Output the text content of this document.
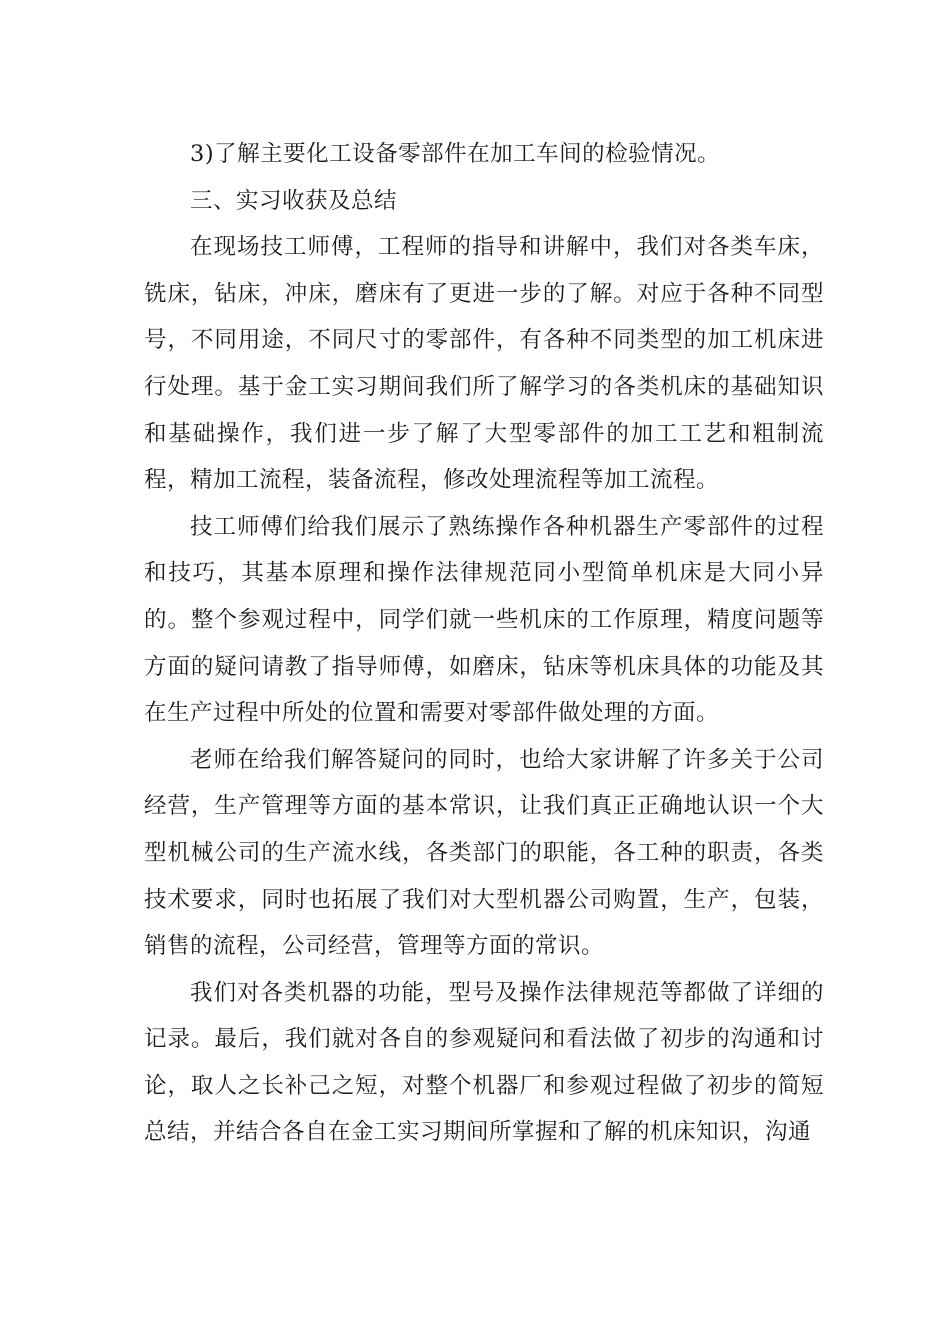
3)了解主要化工设备零部件在加工车间的检验情况。

三、实习收获及总结

在现场技工师傅，工程师的指导和讲解中，我们对各类车床，铣床，钻床，冲床，磨床有了更进一步的了解。对应于各种不同型号，不同用途，不同尺寸的零部件，有各种不同类型的加工机床进行处理。基于金工实习期间我们所了解学习的各类机床的基础知识和基础操作，我们进一步了解了大型零部件的加工工艺和粗制流程，精加工流程，装备流程，修改处理流程等加工流程。

技工师傅们给我们展示了熟练操作各种机器生产零部件的过程和技巧，其基本原理和操作法律规范同小型简单机床是大同小异的。整个参观过程中，同学们就一些机床的工作原理，精度问题等方面的疑问请教了指导师傅，如磨床，钻床等机床具体的功能及其在生产过程中所处的位置和需要对零部件做处理的方面。

老师在给我们解答疑问的同时，也给大家讲解了许多关于公司经营，生产管理等方面的基本常识，让我们真正正确地认识一个大型机械公司的生产流水线，各类部门的职能，各工种的职责，各类技术要求，同时也拓展了我们对大型机器公司购置，生产，包装，销售的流程，公司经营，管理等方面的常识。

我们对各类机器的功能，型号及操作法律规范等都做了详细的记录。最后，我们就对各自的参观疑问和看法做了初步的沟通和讨论，取人之长补己之短，对整个机器厂和参观过程做了初步的简短总结，并结合各自在金工实习期间所掌握和了解的机床知识，沟通
